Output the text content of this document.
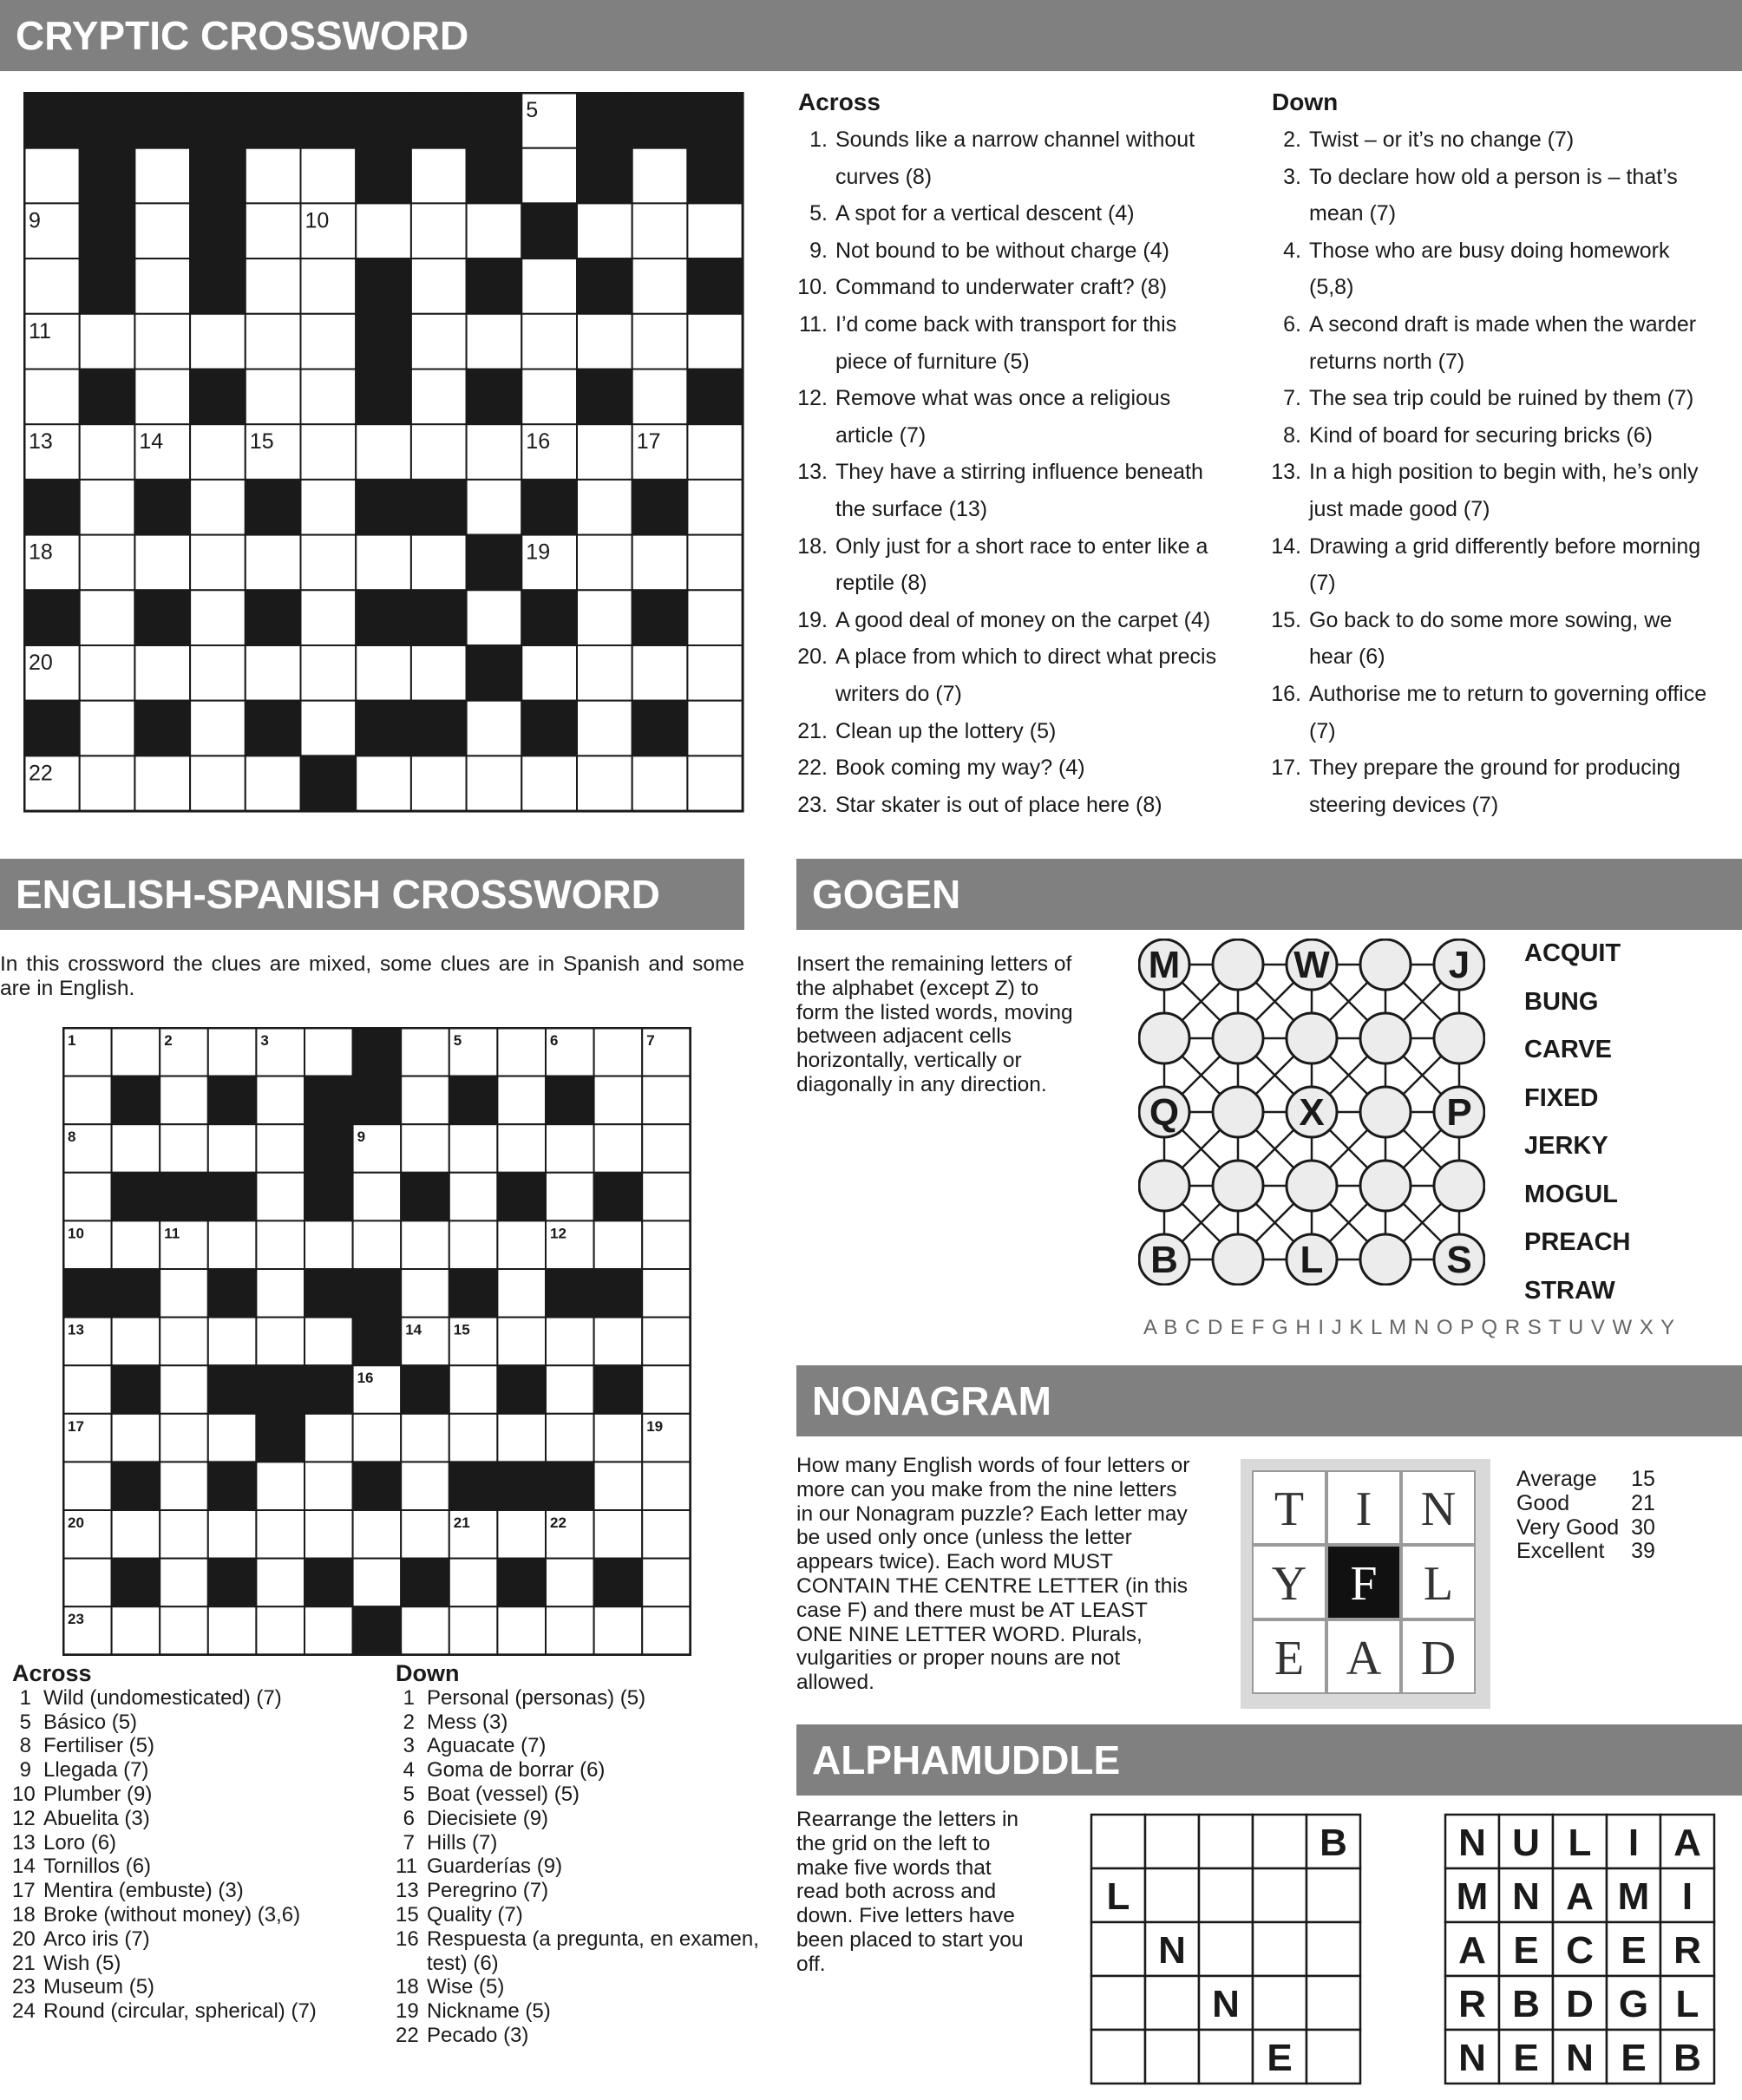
CRYPTIC CROSSWORD
1 2	3	4	5 6	7
8
9	10
11	12
13	14	15	16	17
18	19
20	21
22	23
Across
1. Sounds like a narrow channel without curves (8)
5. A spot for a vertical descent (4)
9. Not bound to be without charge (4)
10. Command to underwater craft? (8)
11. I’d come back with transport for this piece of furniture (5)
12. Remove what was once a religious article (7)
13. They have a stirring influence beneath the surface (13)
18. Only just for a short race to enter like a reptile (8)
19. A good deal of money on the carpet (4)
20. A place from which to direct what precis writers do (7)
21. Clean up the lottery (5)
22. Book coming my way? (4)
23. Star skater is out of place here (8)
Down
2. Twist – or it’s no change (7)
3. To declare how old a person is – that’s mean (7)
4. Those who are busy doing homework (5,8)
6. A second draft is made when the warder returns north (7)
7. The sea trip could be ruined by them (7)
8. Kind of board for securing bricks (6)
13. In a high position to begin with, he’s only just made good (7)
14. Drawing a grid differently before morning (7)
15. Go back to do some more sowing, we hear (6)
16. Authorise me to return to governing office (7)
17. They prepare the ground for producing steering devices (7)
ENGLISH-SPANISH CROSSWORD
In this crossword the clues are mixed, some clues are in Spanish and some are in English.
1	2	3	4	5	6	7
8	9
10	11	12
13	14 15
16
17	18	19
20	21	22
23	24
Across
1 Wild (undomesticated) (7)
5 Básico (5)
8 Fertiliser (5)
9 Llegada (7)
10 Plumber (9)
12 Abuelita (3)
13 Loro (6)
14 Tornillos (6)
17 Mentira (embuste) (3)
18 Broke (without money) (3,6)
20 Arco iris (7)
21 Wish (5)
23 Museum (5)
24 Round (circular, spherical) (7)
Down
1 Personal (personas) (5)
2 Mess (3)
3 Aguacate (7)
4 Goma de borrar (6)
5 Boat (vessel) (5)
6 Diecisiete (9)
7 Hills (7)
11 Guarderías (9)
13 Peregrino (7)
15 Quality (7)
16 Respuesta (a pregunta, en examen, test) (6)
18 Wise (5)
19 Nickname (5)
22 Pecado (3)
GOGEN
Insert the remaining letters of the alphabet (except Z) to form the listed words, moving between adjacent cells horizontally, vertically or diagonally in any direction.
M	W	J
Q	X	P
B	L	S
ACQUIT
BUNG
CARVE
FIXED
JERKY
MOGUL
PREACH
STRAW
A B C D E F G H I J K L M N O P Q R S T U V W X Y
NONAGRAM
How many English words of four letters or more can you make from the nine letters in our Nonagram puzzle? Each letter may be used only once (unless the letter appears twice). Each word MUST CONTAIN THE CENTRE LETTER (in this case F) and there must be AT LEAST ONE NINE LETTER WORD. Plurals, vulgarities or proper nouns are not allowed.
T I N
Y F L
E A D
Average	15
Good	21
Very Good	30
Excellent	39
ALPHAMUDDLE
Rearrange the letters in the grid on the left to make five words that read both across and down. Five letters have been placed to start you off.
B
L
N
N
E
N U L I A
M N A M I
A E C E R
R B D G L
N E N E B
